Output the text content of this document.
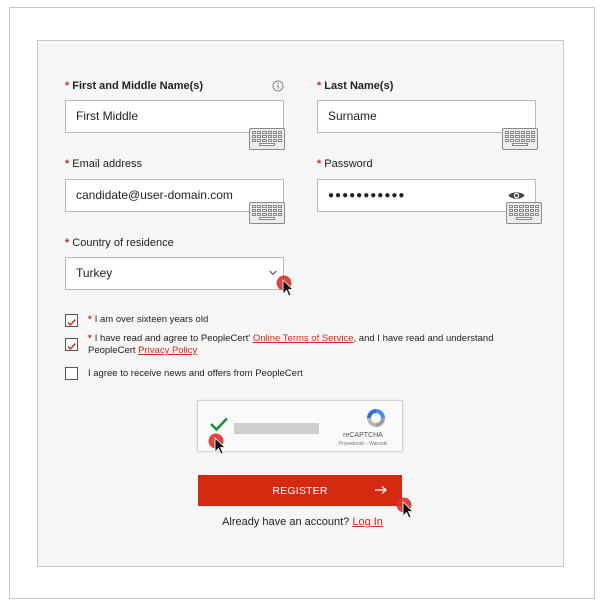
* First and Middle Name(s)
First Middle
* Last Name(s)
Surname
* Email address
candidate@user-domain.com
* Password
●●●●●●●●●●●
* Country of residence
Turkey
* I am over sixteen years old
* I have read and agree to PeopleCert' Online Terms of Service, and I have read and understand PeopleCert Privacy Policy
I agree to receive news and offers from PeopleCert
reCAPTCHA
Prywatność - Warunki
REGISTER
Already have an account? Log In
